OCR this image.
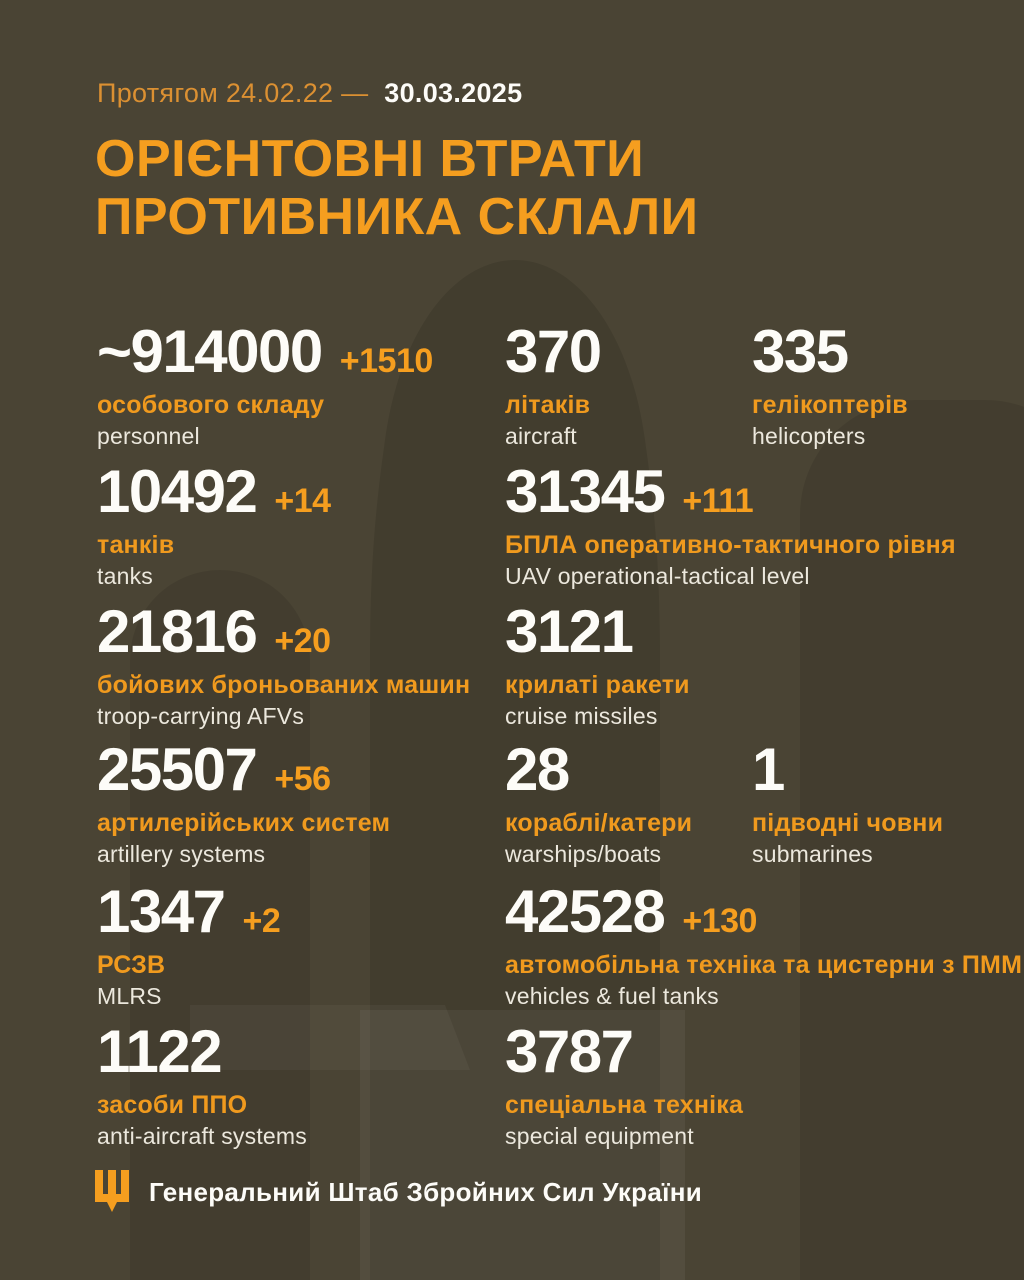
Протягом 24.02.22 — 30.03.2025
ОРІЄНТОВНІ ВТРАТИ
ПРОТИВНИКА СКЛАЛИ
~914000 +1510
особового складу
personnel
370
літаків
aircraft
335
гелікоптерів
helicopters
10492 +14
танків
tanks
31345 +111
БПЛА оперативно-тактичного рівня
UAV operational-tactical level
21816 +20
бойових броньованих машин
troop-carrying AFVs
3121
крилаті ракети
cruise missiles
25507 +56
артилерійських систем
artillery systems
28
кораблі/катери
warships/boats
1
підводні човни
submarines
1347 +2
РСЗВ
MLRS
42528 +130
автомобільна техніка та цистерни з ПММ
vehicles & fuel tanks
1122
засоби ППО
anti-aircraft systems
3787
спеціальна техніка
special equipment
Генеральний Штаб Збройних Сил України
